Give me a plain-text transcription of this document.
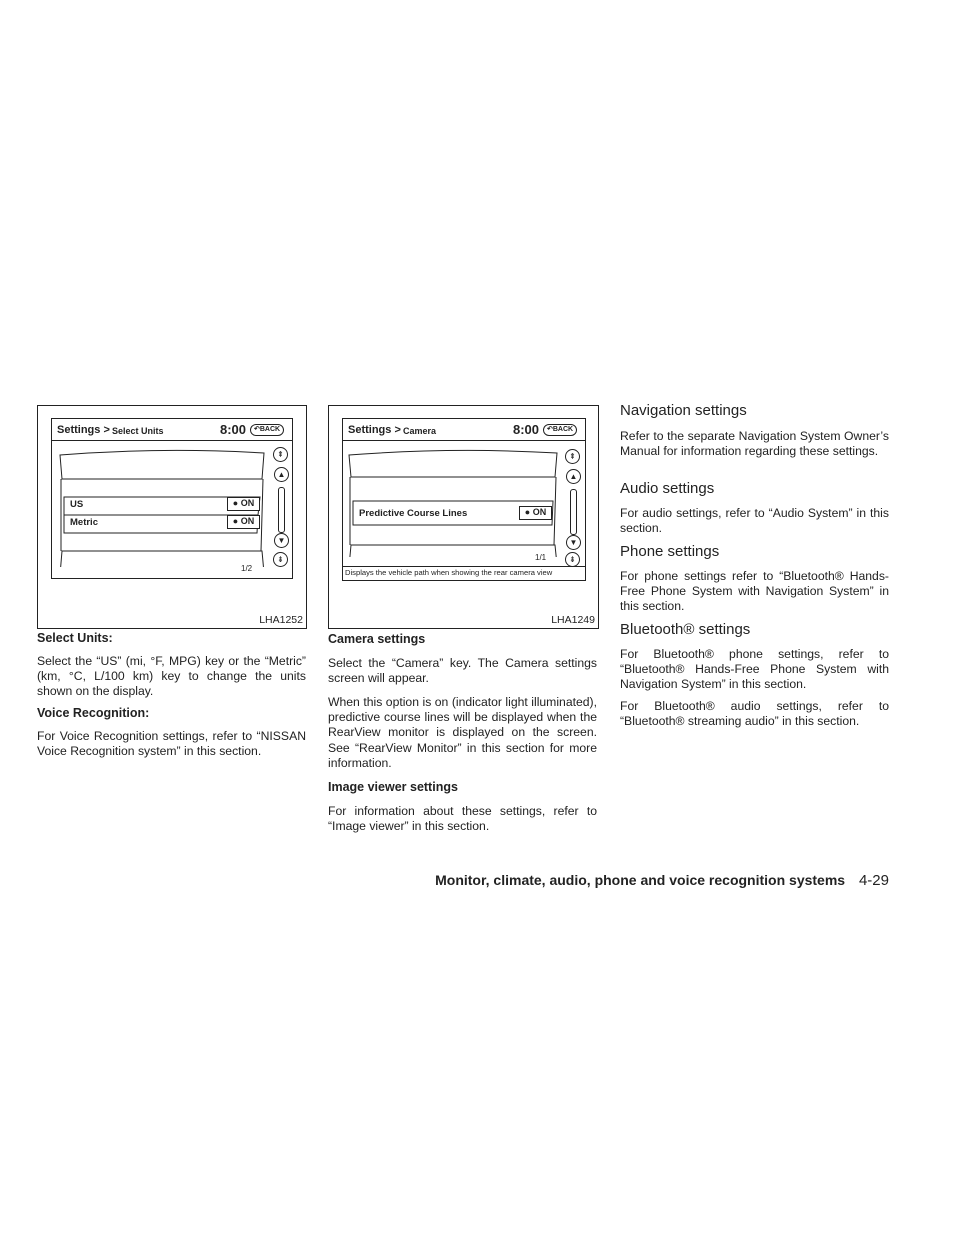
Settings > Select Units	8:00	↶BACK
US	● ON
Metric	● ON
⇞
▲
▼
⇟
1/2
LHA1252
Settings > Camera	8:00	↶BACK
Predictive Course Lines	● ON
⇞
▲
▼
⇟
1/1
Displays the vehicle path when showing the rear camera view
LHA1249
Select Units:

Select the “US” (mi, °F, MPG) key or the “Metric” (km, °C, L/100 km) key to change the units shown on the display.

Voice Recognition:

For Voice Recognition settings, refer to “NISSAN Voice Recognition system” in this section.

Camera settings

Select the “Camera” key. The Camera settings screen will appear.

When this option is on (indicator light illuminated), predictive course lines will be displayed when the RearView monitor is displayed on the screen. See “RearView Monitor” in this section for more information.

Image viewer settings

For information about these settings, refer to “Image viewer” in this section.

Navigation settings

Refer to the separate Navigation System Owner’s Manual for information regarding these settings.

Audio settings

For audio settings, refer to “Audio System” in this section.

Phone settings

For phone settings refer to “Bluetooth® Hands-Free Phone System with Navigation System” in this section.

Bluetooth® settings

For Bluetooth® phone settings, refer to “Bluetooth® Hands-Free Phone System with Navigation System” in this section.

For Bluetooth® audio settings, refer to “Bluetooth® streaming audio” in this section.

Monitor, climate, audio, phone and voice recognition systems 4-29
